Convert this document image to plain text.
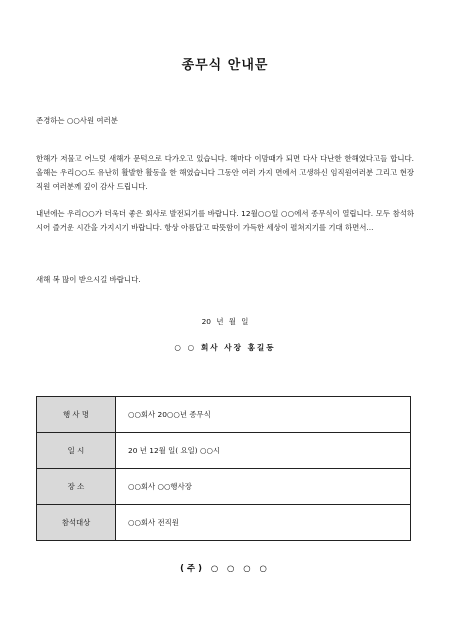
종무식 안내문
존경하는 ○○사원 여러분

한해가 저물고 어느덧 새해가 문턱으로 다가오고 있습니다. 해마다 이맘때가 되면 다사 다난한 한해였다고들 합니다. 올해는 우리○○도 유난히 활발한 활동을 한 해였습니다 그동안 여러 가지 면에서 고생하신 임직원여러분 그리고 현장직원 여러분께 깊이 감사 드립니다.

내년에는 우리○○가 더욱더 좋은 회사로 발전되기를 바랍니다. 12월○○일 ○○에서 종무식이 열립니다. 모두 참석하시어 즐거운 시간을 가지시기 바랍니다. 항상 아름답고 따뜻함이 가득한 세상이 펼쳐지기를 기대 하면서...

새해 복 많이 받으시길 바랍니다.
20 년 월 일
○ ○ 회사 사장 홍길동
행 사 명	○○회사 20○○년 종무식
일 시	20 년 12월 일( 요일) ○○시
장 소	○○회사 ○○행사장
참석대상	○○회사 전직원
(주) ○ ○ ○ ○
